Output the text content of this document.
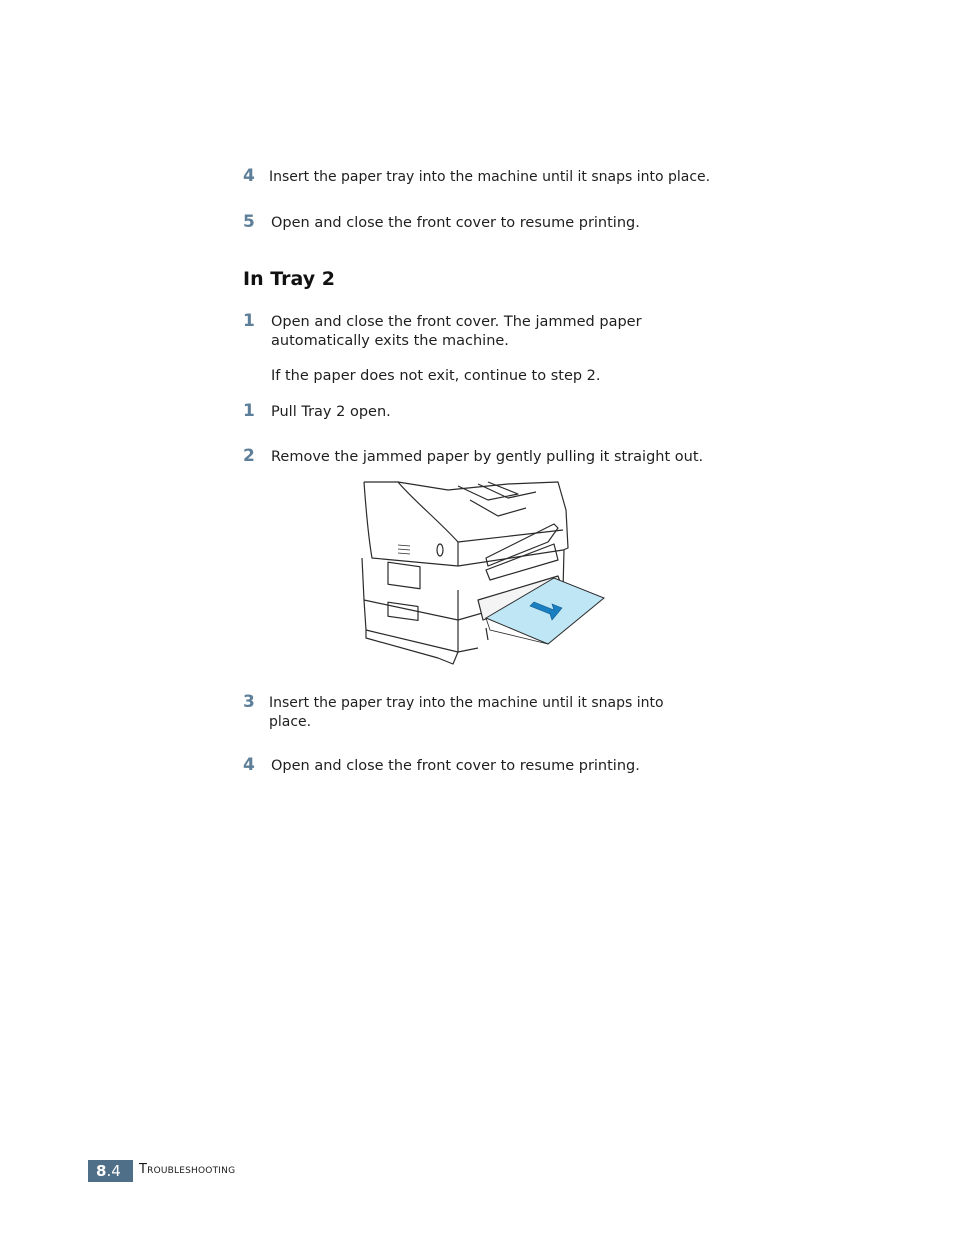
4 Insert the paper tray into the machine until it snaps into place.
5 Open and close the front cover to resume printing.
In Tray 2
1 Open and close the front cover. The jammed paper automatically exits the machine.
If the paper does not exit, continue to step 2.
1 Pull Tray 2 open.
2 Remove the jammed paper by gently pulling it straight out.
3 Insert the paper tray into the machine until it snaps into place.
4 Open and close the front cover to resume printing.
8.4	Troubleshooting
